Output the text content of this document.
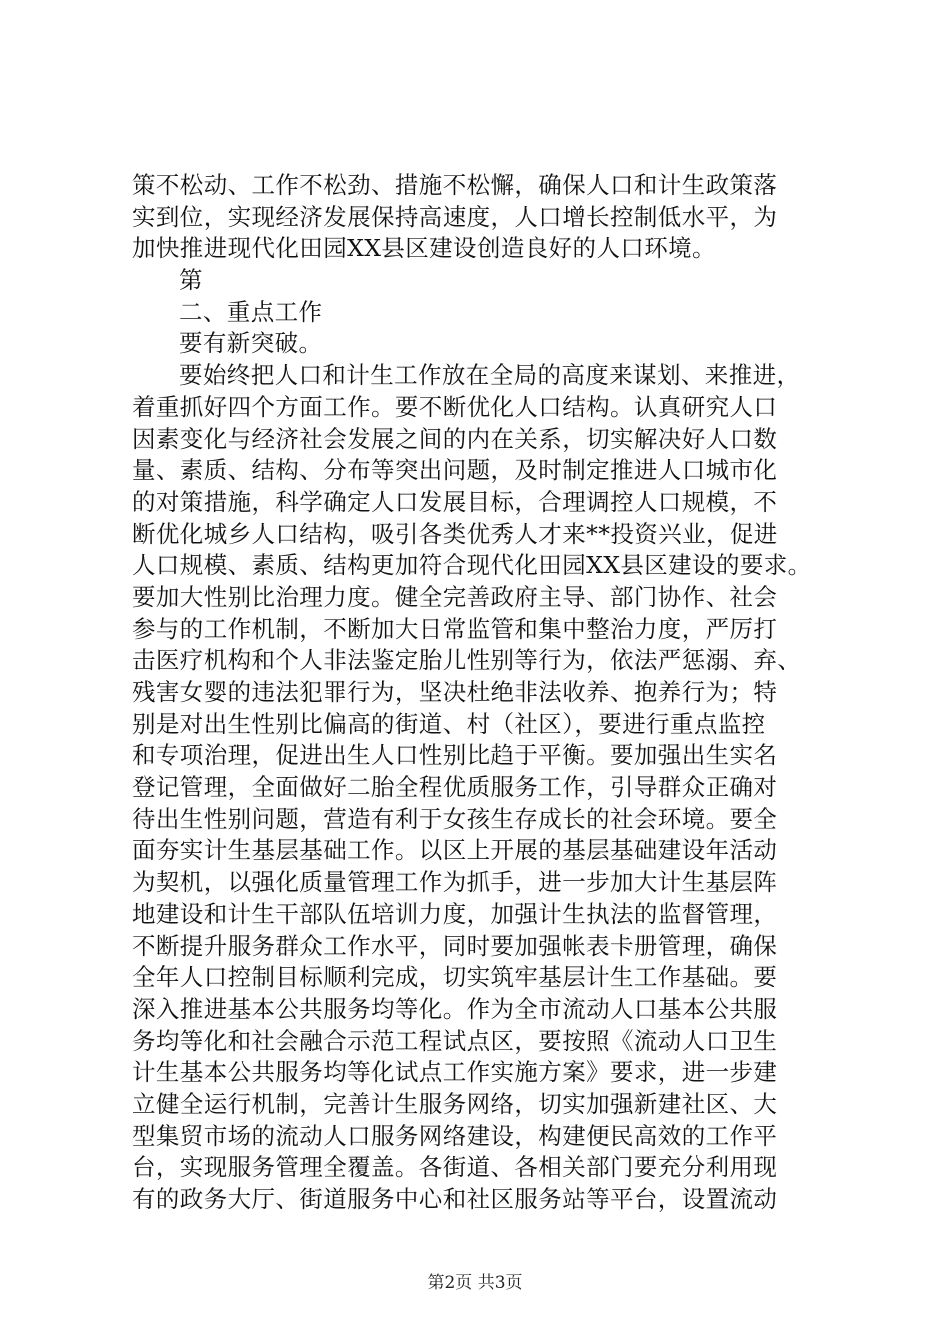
策不松动、工作不松劲、措施不松懈，确保人口和计生政策落
实到位，实现经济发展保持高速度，人口增长控制低水平，为
加快推进现代化田园XX县区建设创造良好的人口环境。
第
二、重点工作
要有新突破。
要始终把人口和计生工作放在全局的高度来谋划、来推进，
着重抓好四个方面工作。要不断优化人口结构。认真研究人口
因素变化与经济社会发展之间的内在关系，切实解决好人口数
量、素质、结构、分布等突出问题，及时制定推进人口城市化
的对策措施，科学确定人口发展目标，合理调控人口规模，不
断优化城乡人口结构，吸引各类优秀人才来**投资兴业，促进
人口规模、素质、结构更加符合现代化田园XX县区建设的要求。
要加大性别比治理力度。健全完善政府主导、部门协作、社会
参与的工作机制，不断加大日常监管和集中整治力度，严厉打
击医疗机构和个人非法鉴定胎儿性别等行为，依法严惩溺、弃、
残害女婴的违法犯罪行为，坚决杜绝非法收养、抱养行为；特
别是对出生性别比偏高的街道、村（社区），要进行重点监控
和专项治理，促进出生人口性别比趋于平衡。要加强出生实名
登记管理，全面做好二胎全程优质服务工作，引导群众正确对
待出生性别问题，营造有利于女孩生存成长的社会环境。要全
面夯实计生基层基础工作。以区上开展的基层基础建设年活动
为契机，以强化质量管理工作为抓手，进一步加大计生基层阵
地建设和计生干部队伍培训力度，加强计生执法的监督管理，
不断提升服务群众工作水平，同时要加强帐表卡册管理，确保
全年人口控制目标顺利完成，切实筑牢基层计生工作基础。要
深入推进基本公共服务均等化。作为全市流动人口基本公共服
务均等化和社会融合示范工程试点区，要按照《流动人口卫生
计生基本公共服务均等化试点工作实施方案》要求，进一步建
立健全运行机制，完善计生服务网络，切实加强新建社区、大
型集贸市场的流动人口服务网络建设，构建便民高效的工作平
台，实现服务管理全覆盖。各街道、各相关部门要充分利用现
有的政务大厅、街道服务中心和社区服务站等平台，设置流动
第2页 共3页
